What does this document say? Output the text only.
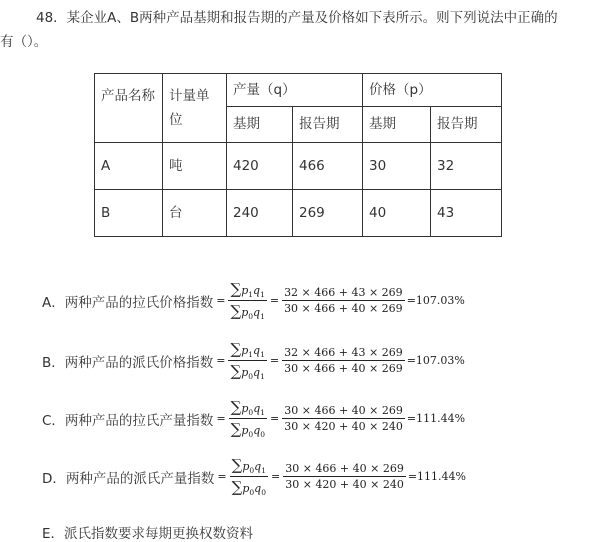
48．某企业A、B两种产品基期和报告期的产量及价格如下表所示。则下列说法中正确的
有（）。
产品名称	计量单位	产量（q）		价格（p）	
		基期	报告期	基期	报告期
A	吨	420	466	30	32
B	台	240	269	40	43
A．两种产品的拉氏价格指数 = $\frac{\sum p_1q_1}{\sum p_0q_1} = \frac{32 \times 466 + 43 \times 269}{30 \times 466 + 40 \times 269} =107.03\%$
B．两种产品的派氏价格指数 = $\frac{\sum p_1q_1}{\sum p_0q_1} = \frac{32 \times 466 + 43 \times 269}{30 \times 466 + 40 \times 269} =107.03\%$
C．两种产品的拉氏产量指数 = $\frac{\sum p_0q_1}{\sum p_0q_0} = \frac{30 \times 466 + 40 \times 269}{30 \times 420 + 40 \times 240} =111.44\%$
D．两种产品的派氏产量指数 = $\frac{\sum p_0q_1}{\sum p_0q_0} = \frac{30 \times 466 + 40 \times 269}{30 \times 420 + 40 \times 240} =111.44\%$
E．派氏指数要求每期更换权数资料
